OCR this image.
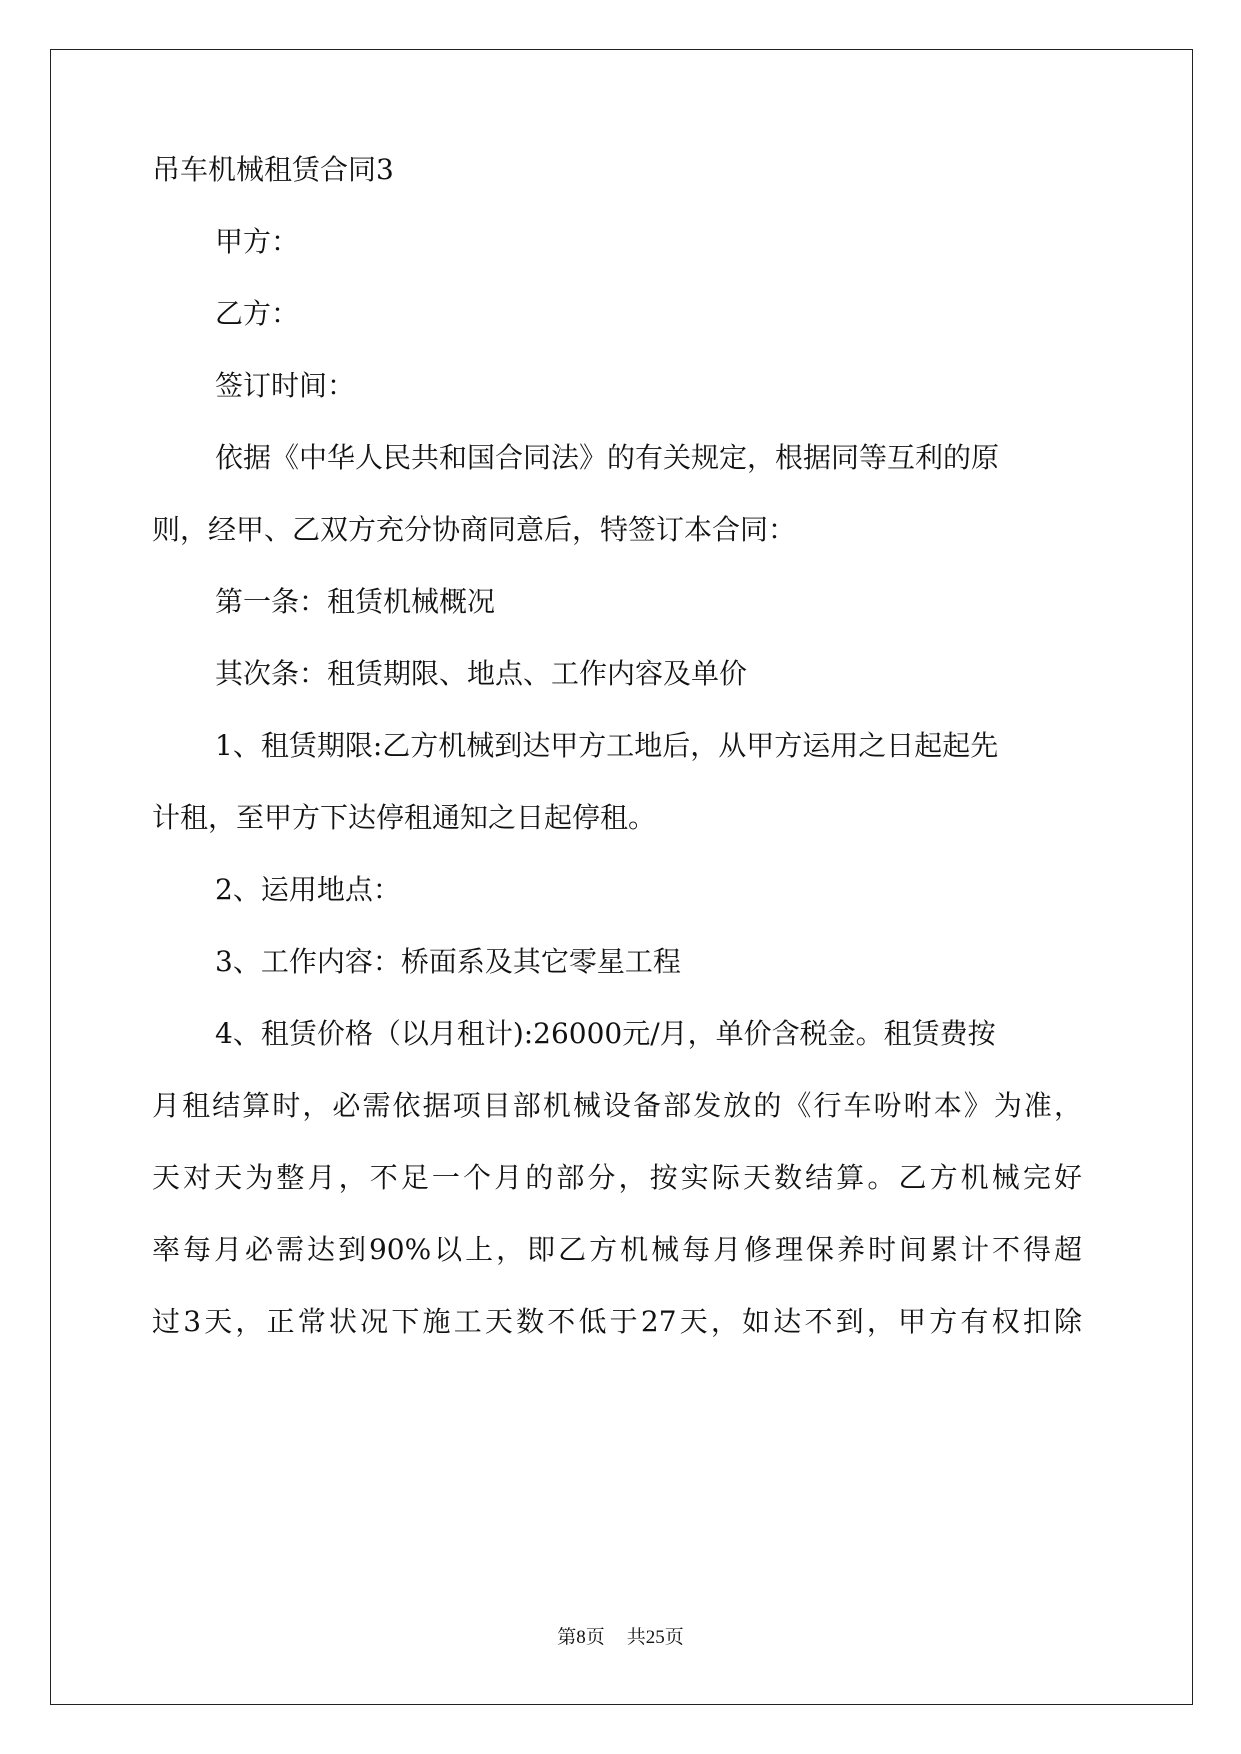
吊车机械租赁合同3

甲方：

乙方：

签订时间：

依据《中华人民共和国合同法》的有关规定，根据同等互利的原

则，经甲、乙双方充分协商同意后，特签订本合同：

第一条：租赁机械概况

其次条：租赁期限、地点、工作内容及单价

1、租赁期限:乙方机械到达甲方工地后，从甲方运用之日起起先

计租，至甲方下达停租通知之日起停租。

2、运用地点：

3、工作内容：桥面系及其它零星工程

4、租赁价格（以月租计):26000元/月，单价含税金。租赁费按

月租结算时，必需依据项目部机械设备部发放的《行车吩咐本》为准，

天对天为整月，不足一个月的部分，按实际天数结算。乙方机械完好

率每月必需达到90%以上，即乙方机械每月修理保养时间累计不得超

过3天，正常状况下施工天数不低于27天，如达不到，甲方有权扣除

第8页 共25页
